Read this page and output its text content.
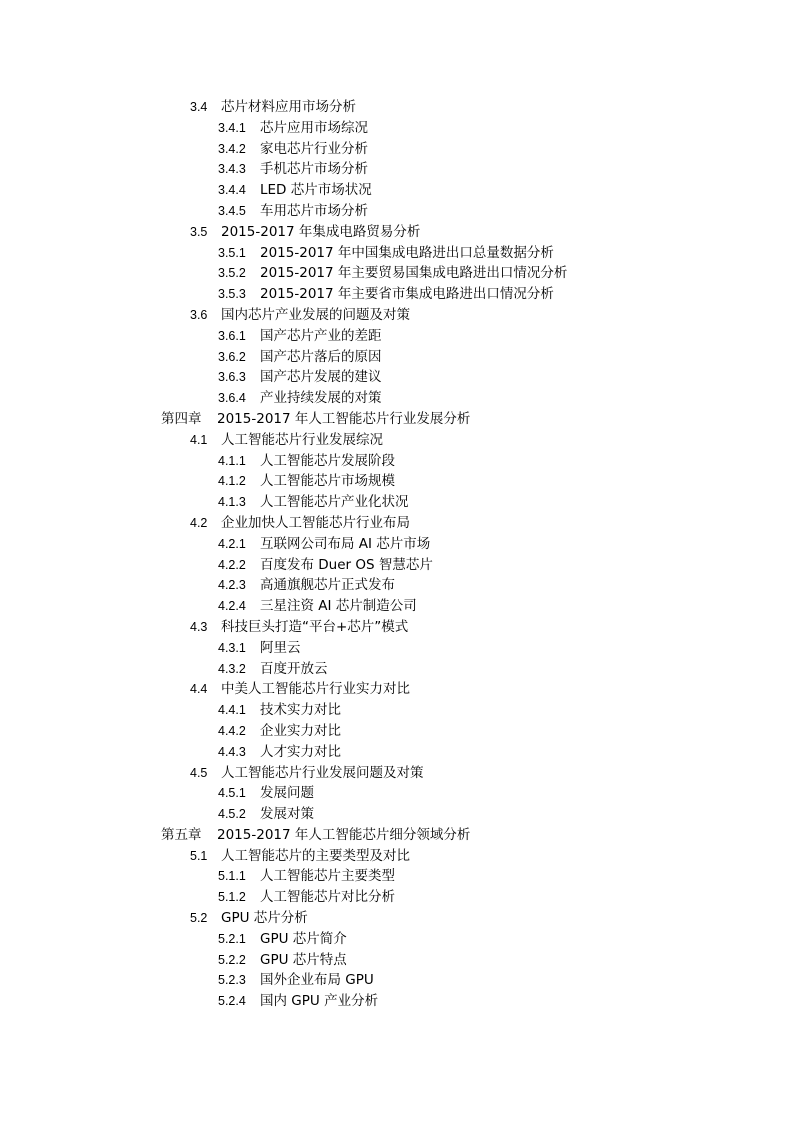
3.4 芯片材料应用市场分析
3.4.1 芯片应用市场综况
3.4.2 家电芯片行业分析
3.4.3 手机芯片市场分析
3.4.4 LED 芯片市场状况
3.4.5 车用芯片市场分析
3.5 2015-2017 年集成电路贸易分析
3.5.1 2015-2017 年中国集成电路进出口总量数据分析
3.5.2 2015-2017 年主要贸易国集成电路进出口情况分析
3.5.3 2015-2017 年主要省市集成电路进出口情况分析
3.6 国内芯片产业发展的问题及对策
3.6.1 国产芯片产业的差距
3.6.2 国产芯片落后的原因
3.6.3 国产芯片发展的建议
3.6.4 产业持续发展的对策
第四章 2015-2017 年人工智能芯片行业发展分析
4.1 人工智能芯片行业发展综况
4.1.1 人工智能芯片发展阶段
4.1.2 人工智能芯片市场规模
4.1.3 人工智能芯片产业化状况
4.2 企业加快人工智能芯片行业布局
4.2.1 互联网公司布局 AI 芯片市场
4.2.2 百度发布 Duer OS 智慧芯片
4.2.3 高通旗舰芯片正式发布
4.2.4 三星注资 AI 芯片制造公司
4.3 科技巨头打造“平台+芯片”模式
4.3.1 阿里云
4.3.2 百度开放云
4.4 中美人工智能芯片行业实力对比
4.4.1 技术实力对比
4.4.2 企业实力对比
4.4.3 人才实力对比
4.5 人工智能芯片行业发展问题及对策
4.5.1 发展问题
4.5.2 发展对策
第五章 2015-2017 年人工智能芯片细分领域分析
5.1 人工智能芯片的主要类型及对比
5.1.1 人工智能芯片主要类型
5.1.2 人工智能芯片对比分析
5.2 GPU 芯片分析
5.2.1 GPU 芯片简介
5.2.2 GPU 芯片特点
5.2.3 国外企业布局 GPU
5.2.4 国内 GPU 产业分析
